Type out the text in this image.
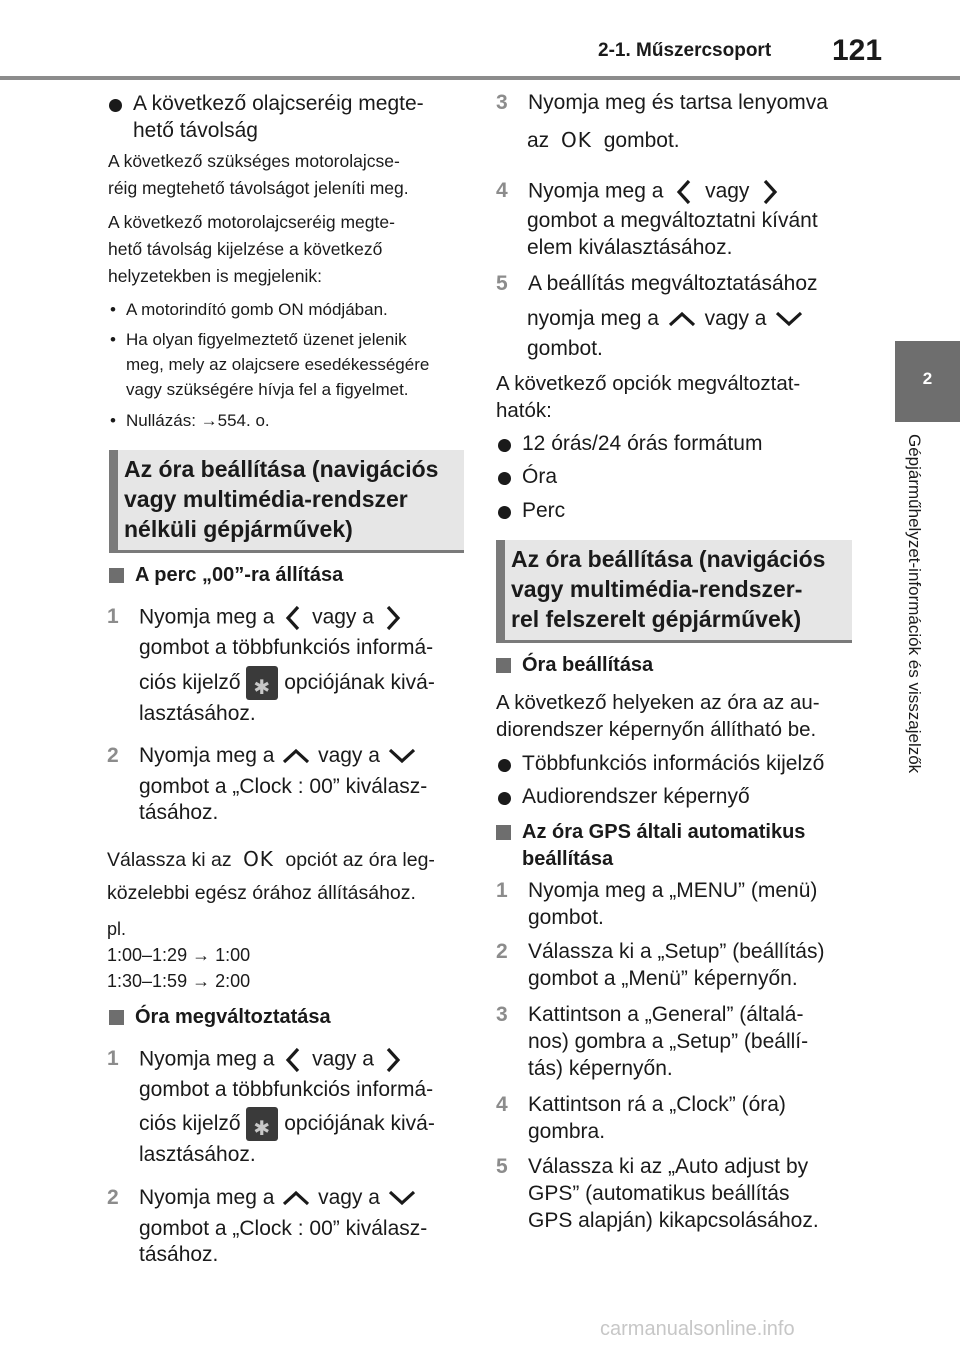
2-1. Műszercsoport 121
2
Gépjárműhelyzet-információk és visszajelzők
A következő olajcseréig megte-hető távolság
A következő szükséges motorolajcse-
réig megtehető távolságot jeleníti meg.
A következő motorolajcseréig megte-
hető távolság kijelzése a következő
helyzetekben is megjelenik:
• A motorindító gomb ON módjában.
• Ha olyan figyelmeztető üzenet jelenik
meg, mely az olajcsere esedékességére
vagy szükségére hívja fel a figyelmet.
• Nullázás: →554. o.
Az óra beállítása (navigációs
vagy multimédia-rendszer
nélküli gépjárművek)
A perc „00”-ra állítása
1 Nyomja meg a vagy a
gombot a többfunkciós informá-
ciós kijelző ✱ opciójának kivá-
lasztásához.
2 Nyomja meg a vagy a
gombot a „Clock : 00” kiválasz-
tásához.
Válassza ki az OK opciót az óra leg-
közelebbi egész órához állításához.
pl.
1:00–1:29 → 1:00
1:30–1:59 → 2:00
Óra megváltoztatása
1 Nyomja meg a vagy a
gombot a többfunkciós informá-
ciós kijelző ✱ opciójának kivá-
lasztásához.
2 Nyomja meg a vagy a
gombot a „Clock : 00” kiválasz-
tásához.
3 Nyomja meg és tartsa lenyomva
az OK gombot.
4 Nyomja meg a vagy
gombot a megváltoztatni kívánt
elem kiválasztásához.
5 A beállítás megváltoztatásához
nyomja meg a vagy a
gombot.
A következő opciók megváltoztat-
hatók:
12 órás/24 órás formátum
Óra
Perc
Az óra beállítása (navigációs
vagy multimédia-rendszer-
rel felszerelt gépjárművek)
Óra beállítása
A következő helyeken az óra az au-
diorendszer képernyőn állítható be.
Többfunkciós információs kijelző
Audiorendszer képernyő
Az óra GPS általi automatikus
beállítása
1 Nyomja meg a „MENU” (menü)
gombot.
2 Válassza ki a „Setup” (beállítás)
gombot a „Menü” képernyőn.
3 Kattintson a „General” (általá-
nos) gombra a „Setup” (beállí-
tás) képernyőn.
4 Kattintson rá a „Clock” (óra)
gombra.
5 Válassza ki az „Auto adjust by
GPS” (automatikus beállítás
GPS alapján) kikapcsolásához.
carmanualsonline.info
